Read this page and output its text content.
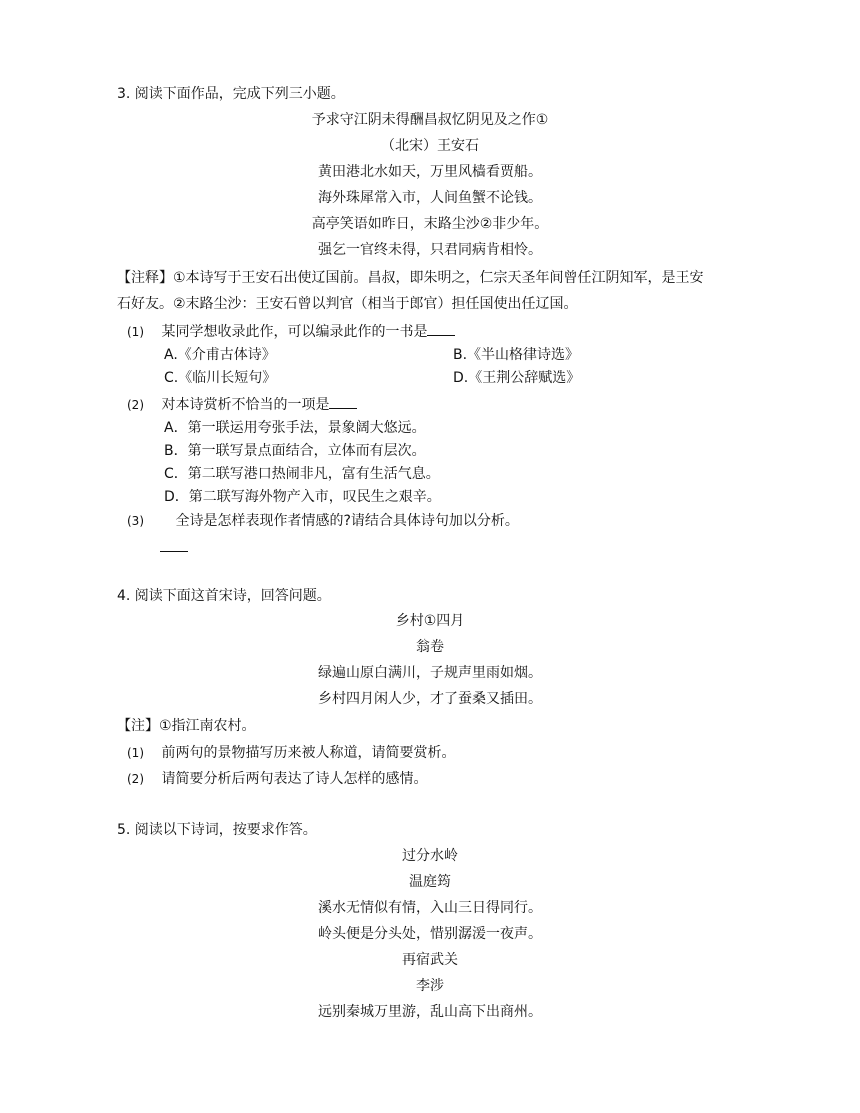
3. 阅读下面作品，完成下列三小题。
予求守江阴未得酬昌叔忆阴见及之作①
（北宋）王安石
黄田港北水如天，万里风樯看贾船。
海外珠犀常入市，人间鱼蟹不论钱。
高亭笑语如昨日，末路尘沙②非少年。
强乞一官终未得，只君同病肯相怜。
【注释】①本诗写于王安石出使辽国前。昌叔，即朱明之，仁宗天圣年间曾任江阴知军，是王安
石好友。②末路尘沙：王安石曾以判官（相当于郎官）担任国使出任辽国。
(1) 某同学想收录此作，可以编录此作的一书是
A.《介甫古体诗》	B.《半山格律诗选》
C.《临川长短句》	D.《王荆公辞赋选》
(2) 对本诗赏析不恰当的一项是
A．第一联运用夸张手法，景象阔大悠远。
B．第一联写景点面结合，立体而有层次。
C．第二联写港口热闹非凡，富有生活气息。
D．第二联写海外物产入市，叹民生之艰辛。
(3) 全诗是怎样表现作者情感的?请结合具体诗句加以分析。
4. 阅读下面这首宋诗，回答问题。
乡村①四月
翁卷
绿遍山原白满川，子规声里雨如烟。
乡村四月闲人少，才了蚕桑又插田。
【注】①指江南农村。
(1) 前两句的景物描写历来被人称道，请简要赏析。
(2) 请简要分析后两句表达了诗人怎样的感情。
5. 阅读以下诗词，按要求作答。
过分水岭
温庭筠
溪水无情似有情，入山三日得同行。
岭头便是分头处，惜别潺湲一夜声。
再宿武关
李涉
远别秦城万里游，乱山高下出商州。
